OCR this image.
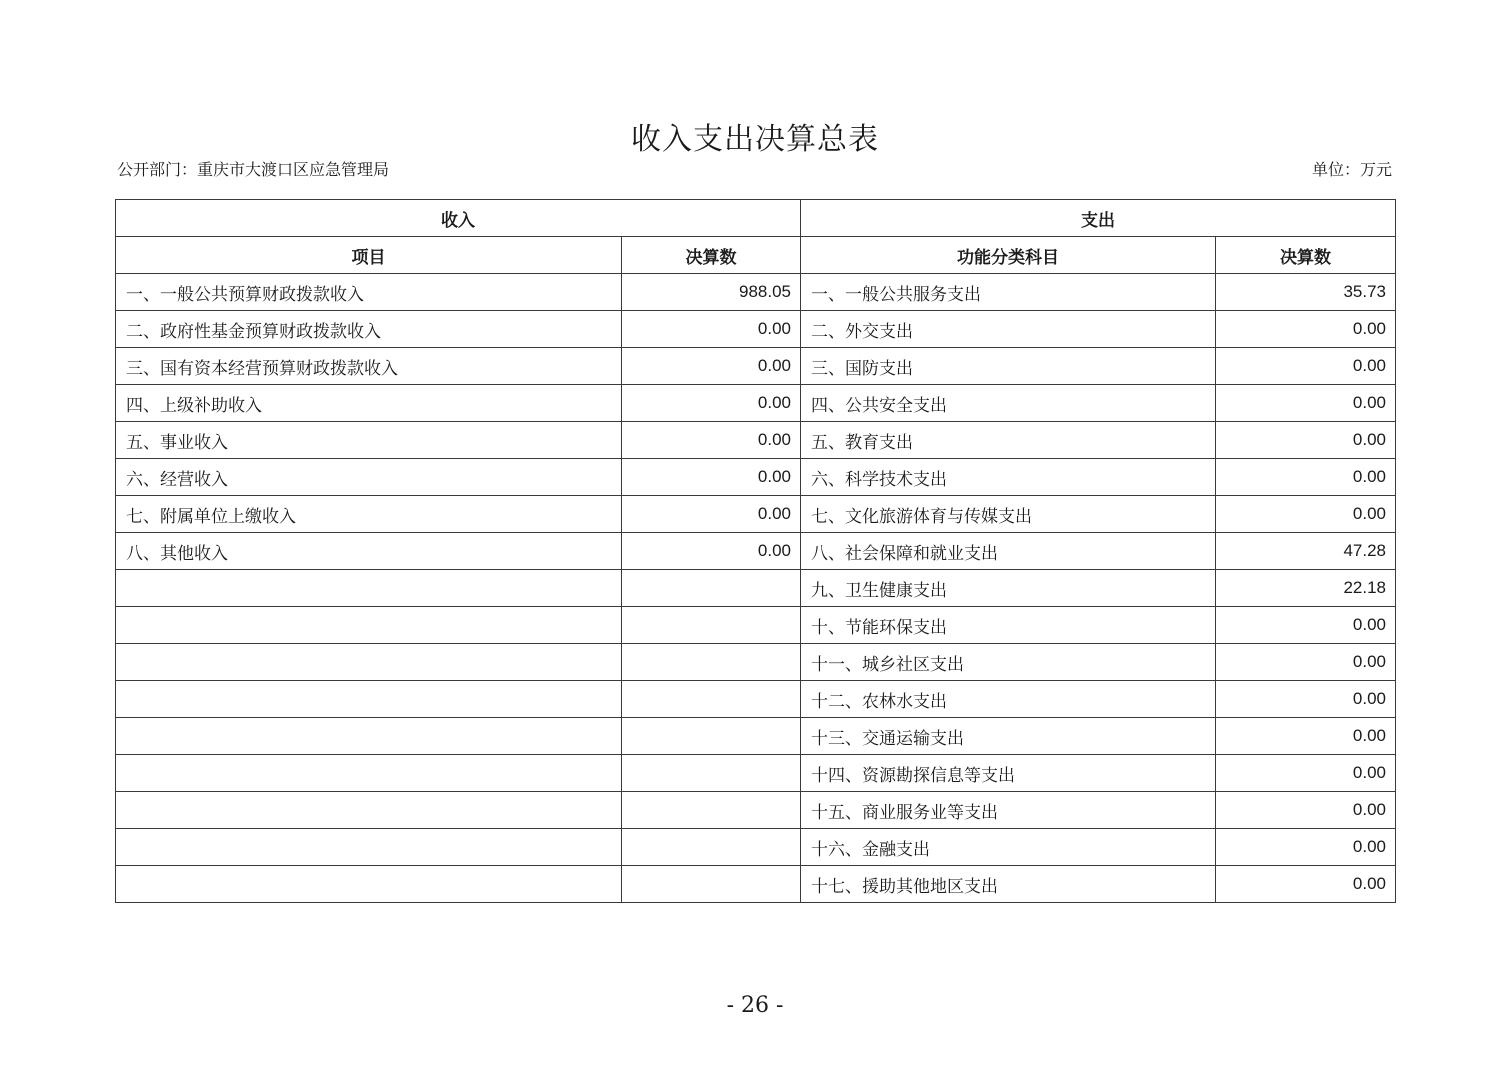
收入支出决算总表
公开部门：重庆市大渡口区应急管理局	单位：万元
收入		支出	
项目	决算数	功能分类科目	决算数
一、一般公共预算财政拨款收入	988.05	一、一般公共服务支出	35.73
二、政府性基金预算财政拨款收入	0.00	二、外交支出	0.00
三、国有资本经营预算财政拨款收入	0.00	三、国防支出	0.00
四、上级补助收入	0.00	四、公共安全支出	0.00
五、事业收入	0.00	五、教育支出	0.00
六、经营收入	0.00	六、科学技术支出	0.00
七、附属单位上缴收入	0.00	七、文化旅游体育与传媒支出	0.00
八、其他收入	0.00	八、社会保障和就业支出	47.28
		九、卫生健康支出	22.18
		十、节能环保支出	0.00
		十一、城乡社区支出	0.00
		十二、农林水支出	0.00
		十三、交通运输支出	0.00
		十四、资源勘探信息等支出	0.00
		十五、商业服务业等支出	0.00
		十六、金融支出	0.00
		十七、援助其他地区支出	0.00
- 26 -
